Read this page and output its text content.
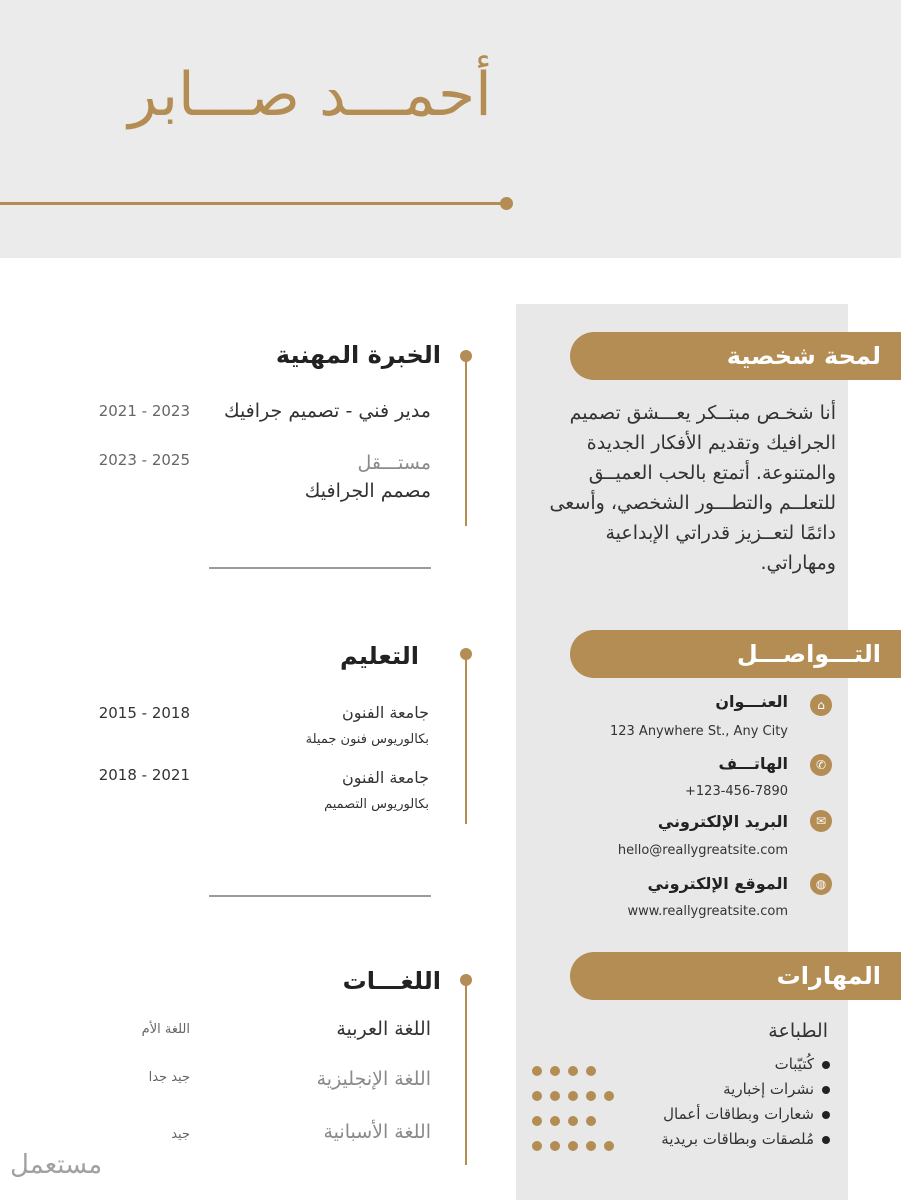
أحمـــد صـــابر
لمحة شخصية
أنا شخـص مبتــكر يعـــشق تصميم الجرافيك وتقديم الأفكار الجديدة والمتنوعة. أتمتع بالحب العميــق للتعلــم والتطـــور الشخصي، وأسعى دائمًا لتعــزيز قدراتي الإبداعية ومهاراتي.
التـــواصـــل
⌂
العنـــوان
123 Anywhere St., Any City
✆
الهاتـــف
+123-456-7890
✉
البريد الإلكتروني
hello@reallygreatsite.com
◍
الموقع الإلكتروني
www.reallygreatsite.com
المهارات
الطباعة
كُتيّبات
نشرات إخبارية
شعارات وبطاقات أعمال
مُلصقات وبطاقات بريدية
الخبرة المهنية
مدير فني - تصميم جرافيك
2021 - 2023
مستـــقل
مصمم الجرافيك
2023 - 2025
التعليم
جامعة الفنون
بكالوريوس فنون جميلة
2015 - 2018
جامعة الفنون
بكالوريوس التصميم
2018 - 2021
اللغـــات
اللغة العربية
اللغة الأم
اللغة الإنجليزية
جيد جدا
اللغة الأسبانية
جيد
مستعمل
